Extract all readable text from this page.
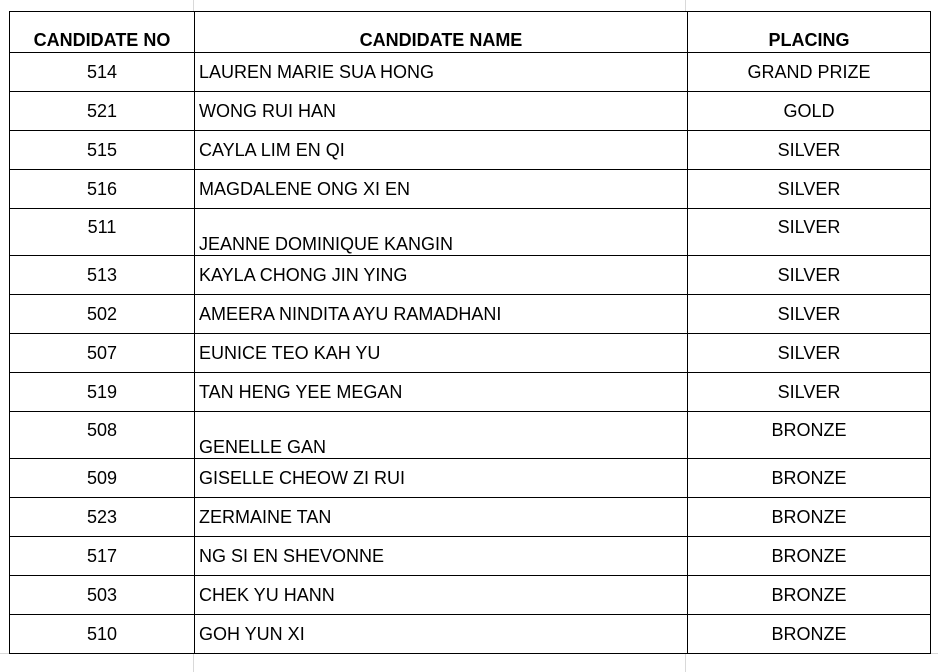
CANDIDATE NO	CANDIDATE NAME	PLACING
514	LAUREN MARIE SUA HONG	GRAND PRIZE
521	WONG RUI HAN	GOLD
515	CAYLA LIM EN QI	SILVER
516	MAGDALENE ONG XI EN	SILVER
511	JEANNE DOMINIQUE KANGIN	SILVER
513	KAYLA CHONG JIN YING	SILVER
502	AMEERA NINDITA AYU RAMADHANI	SILVER
507	EUNICE TEO KAH YU	SILVER
519	TAN HENG YEE MEGAN	SILVER
508	GENELLE GAN	BRONZE
509	GISELLE CHEOW ZI RUI	BRONZE
523	ZERMAINE TAN	BRONZE
517	NG SI EN SHEVONNE	BRONZE
503	CHEK YU HANN	BRONZE
510	GOH YUN XI	BRONZE
